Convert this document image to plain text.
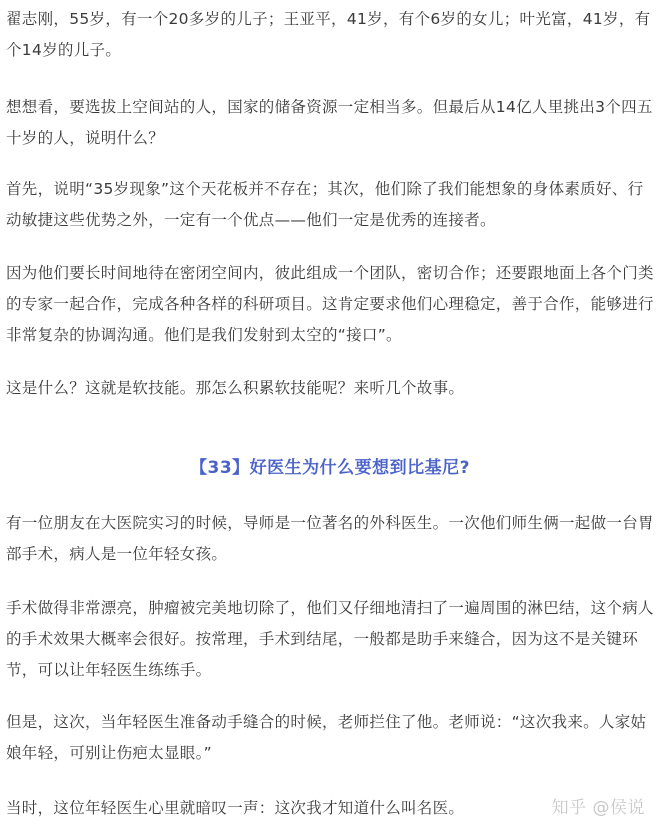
翟志刚，55岁，有一个20多岁的儿子；王亚平，41岁，有个6岁的女儿；叶光富，41岁，有个14岁的儿子。

想想看，要选拔上空间站的人，国家的储备资源一定相当多。但最后从14亿人里挑出3个四五十岁的人，说明什么？

首先，说明“35岁现象”这个天花板并不存在；其次，他们除了我们能想象的身体素质好、行动敏捷这些优势之外，一定有一个优点——他们一定是优秀的连接者。

因为他们要长时间地待在密闭空间内，彼此组成一个团队，密切合作；还要跟地面上各个门类的专家一起合作，完成各种各样的科研项目。这肯定要求他们心理稳定，善于合作，能够进行非常复杂的协调沟通。他们是我们发射到太空的“接口”。

这是什么？这就是软技能。那怎么积累软技能呢？来听几个故事。

【33】好医生为什么要想到比基尼?

有一位朋友在大医院实习的时候，导师是一位著名的外科医生。一次他们师生俩一起做一台胃部手术，病人是一位年轻女孩。

手术做得非常漂亮，肿瘤被完美地切除了，他们又仔细地清扫了一遍周围的淋巴结，这个病人的手术效果大概率会很好。按常理，手术到结尾，一般都是助手来缝合，因为这不是关键环节，可以让年轻医生练练手。

但是，这次，当年轻医生准备动手缝合的时候，老师拦住了他。老师说：“这次我来。人家姑娘年轻，可别让伤疤太显眼。”

当时，这位年轻医生心里就暗叹一声：这次我才知道什么叫名医。	知乎 @侯说
